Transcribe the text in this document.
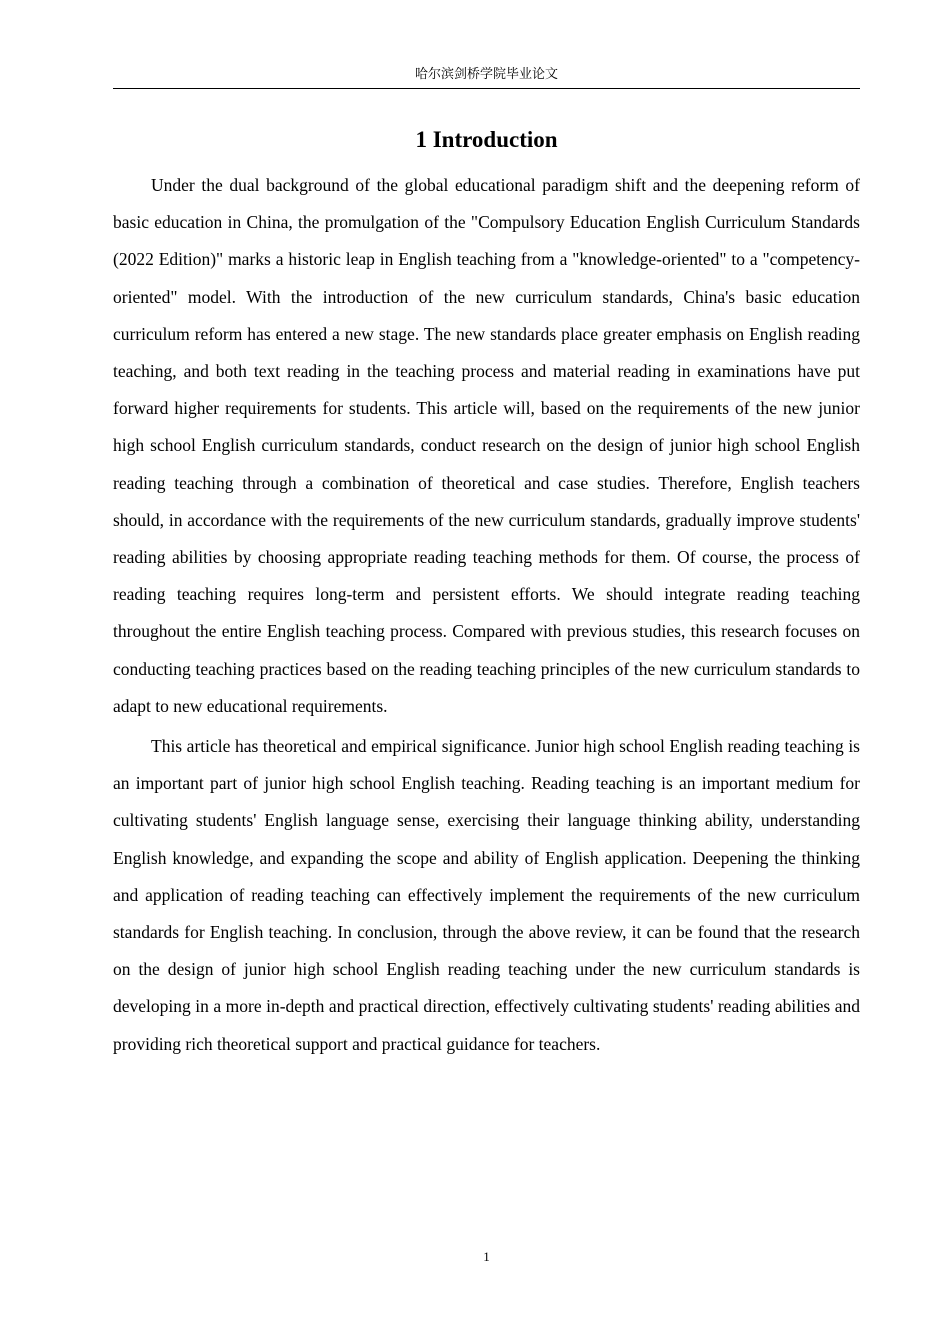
哈尔滨剑桥学院毕业论文
1 Introduction

Under the dual background of the global educational paradigm shift and the deepening reform of basic education in China, the promulgation of the "Compulsory Education English Curriculum Standards (2022 Edition)" marks a historic leap in English teaching from a "knowledge-oriented" to a "competency-oriented" model. With the introduction of the new curriculum standards, China's basic education curriculum reform has entered a new stage. The new standards place greater emphasis on English reading teaching, and both text reading in the teaching process and material reading in examinations have put forward higher requirements for students. This article will, based on the requirements of the new junior high school English curriculum standards, conduct research on the design of junior high school English reading teaching through a combination of theoretical and case studies. Therefore, English teachers should, in accordance with the requirements of the new curriculum standards, gradually improve students' reading abilities by choosing appropriate reading teaching methods for them. Of course, the process of reading teaching requires long-term and persistent efforts. We should integrate reading teaching throughout the entire English teaching process. Compared with previous studies, this research focuses on conducting teaching practices based on the reading teaching principles of the new curriculum standards to adapt to new educational requirements.

This article has theoretical and empirical significance. Junior high school English reading teaching is an important part of junior high school English teaching. Reading teaching is an important medium for cultivating students' English language sense, exercising their language thinking ability, understanding English knowledge, and expanding the scope and ability of English application. Deepening the thinking and application of reading teaching can effectively implement the requirements of the new curriculum standards for English teaching. In conclusion, through the above review, it can be found that the research on the design of junior high school English reading teaching under the new curriculum standards is developing in a more in-depth and practical direction, effectively cultivating students' reading abilities and providing rich theoretical support and practical guidance for teachers.

1
